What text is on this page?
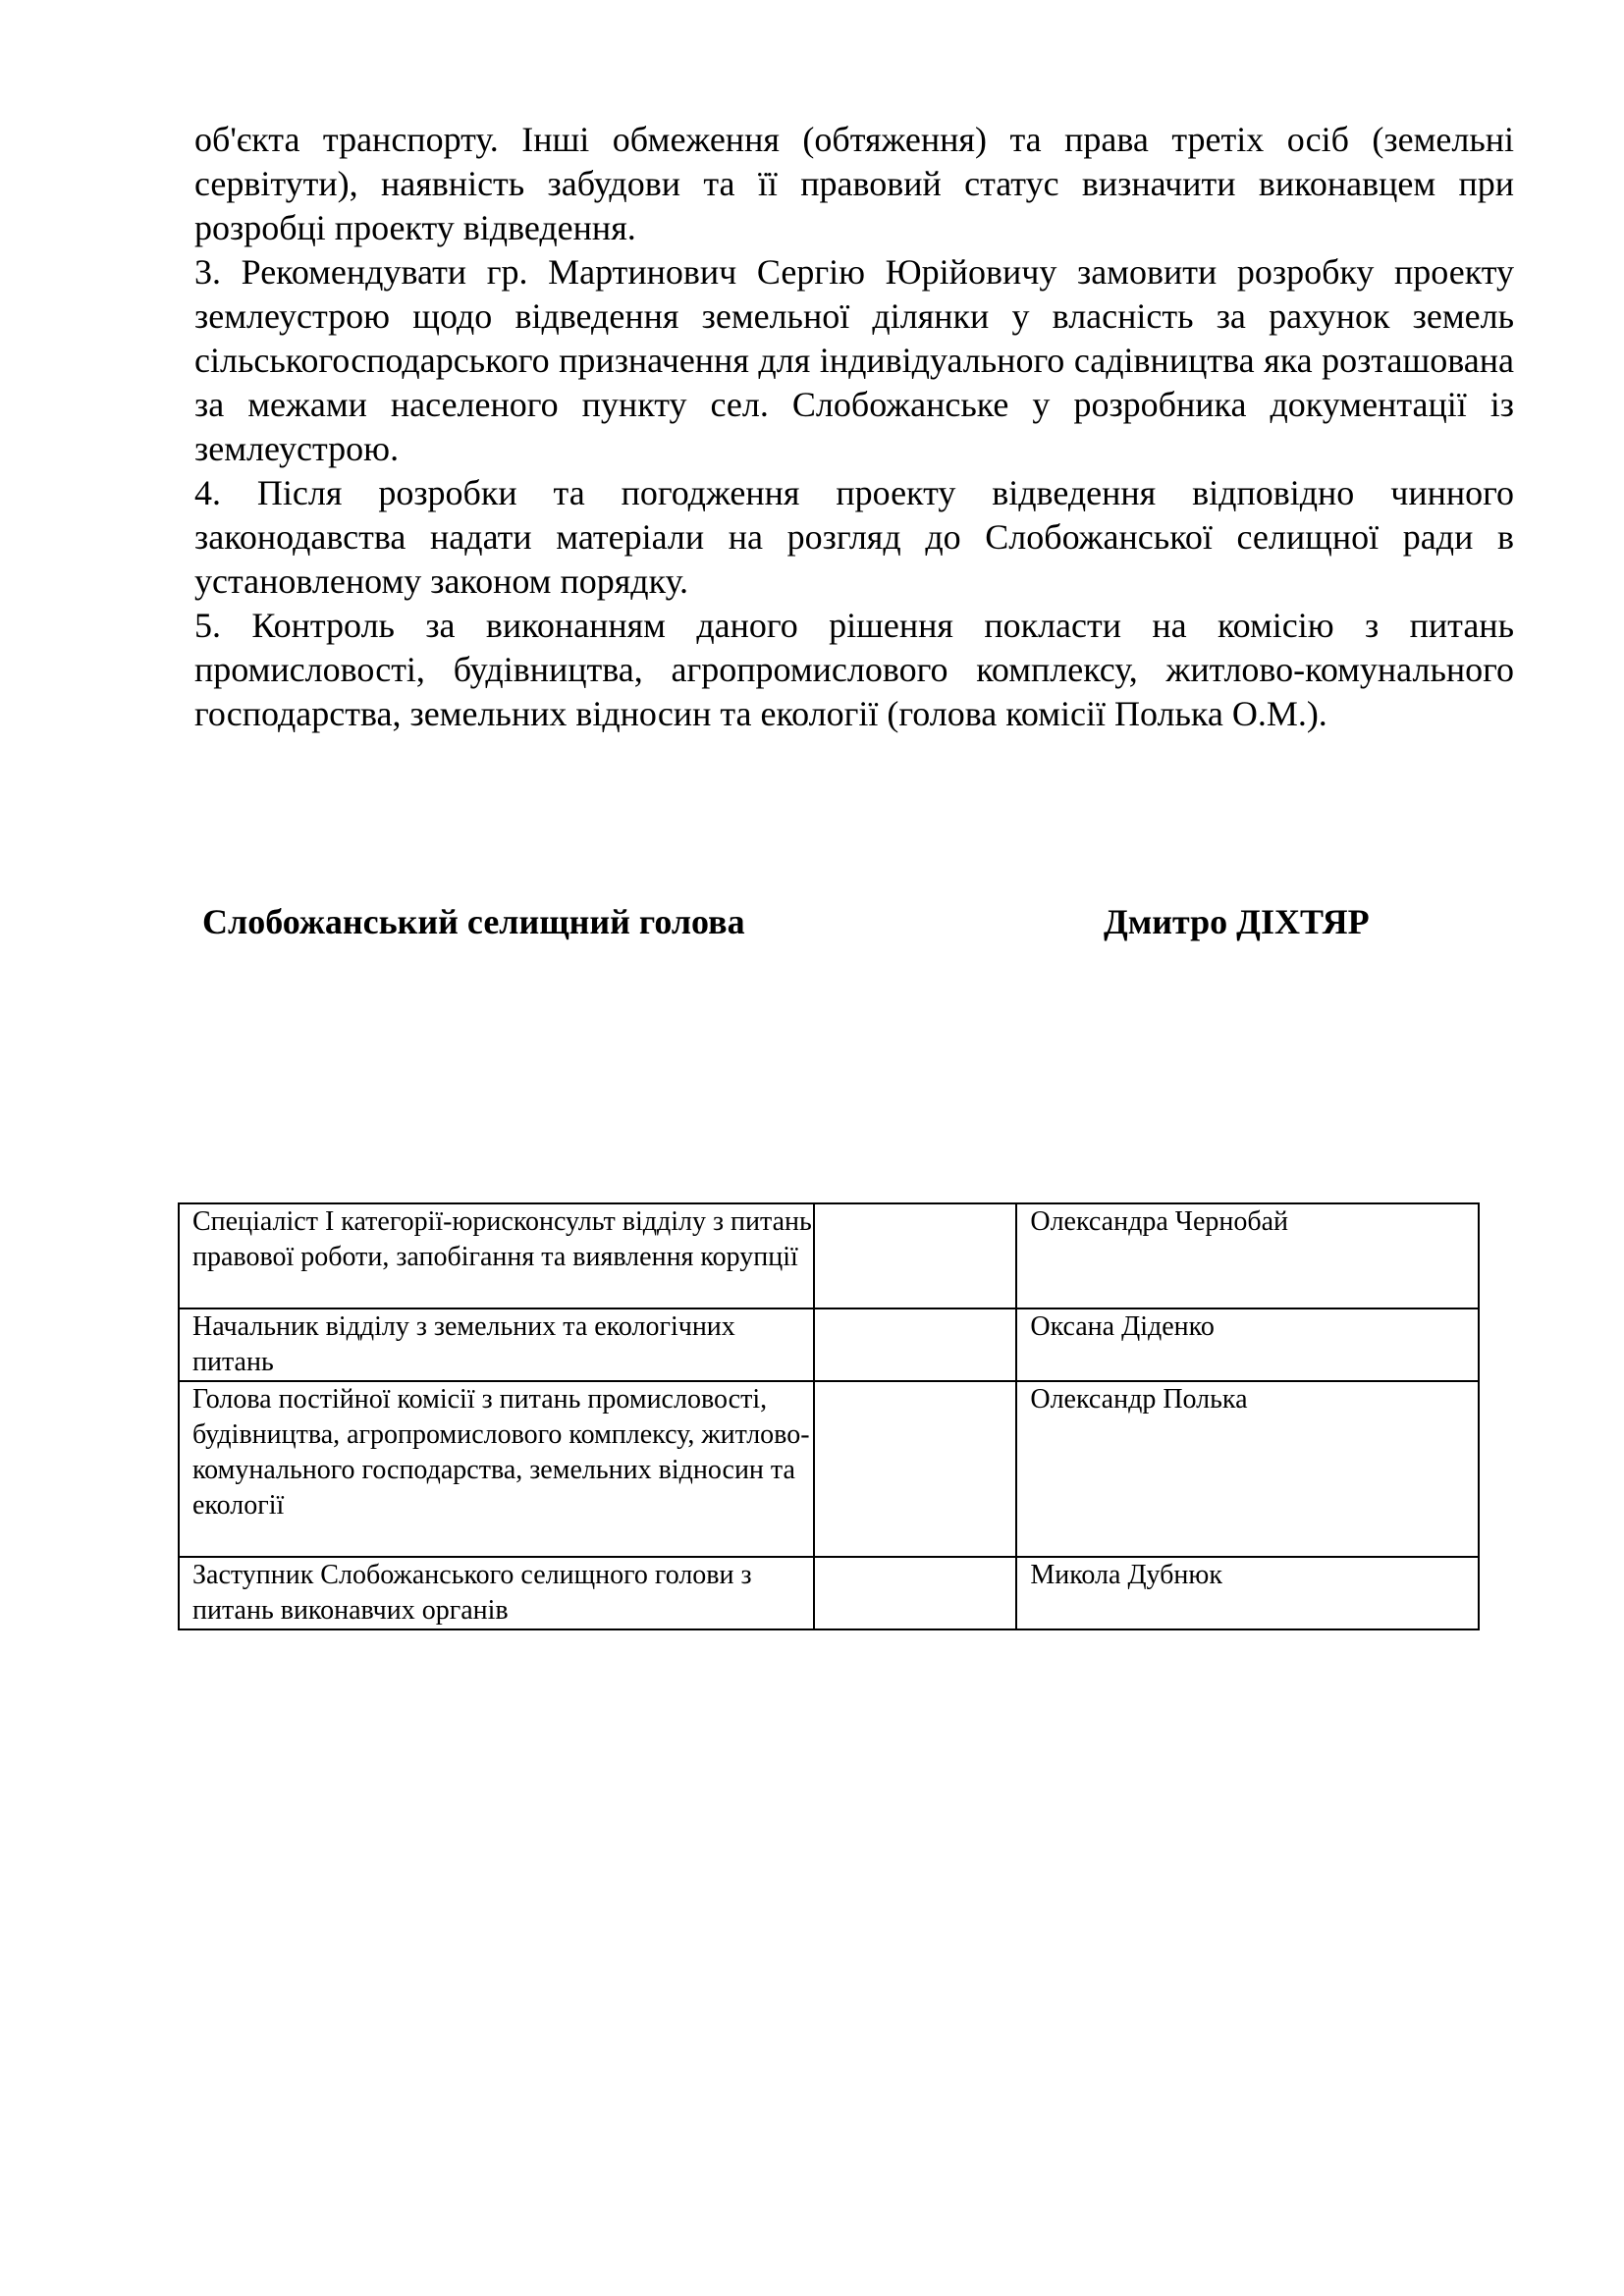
об'єкта транспорту. Інші обмеження (обтяження) та права третіх осіб (земельні сервітути), наявність забудови та її правовий статус визначити виконавцем при розробці проекту відведення.

3. Рекомендувати гр. Мартинович Сергію Юрійовичу замовити розробку проекту землеустрою щодо відведення земельної ділянки у власність за рахунок земель сільськогосподарського призначення для індивідуального садівництва яка розташована за межами населеного пункту сел. Слобожанське у розробника документації із землеустрою.

4. Після розробки та погодження проекту відведення відповідно чинного законодавства надати матеріали на розгляд до Слобожанської селищної ради в установленому законом порядку.

5. Контроль за виконанням даного рішення покласти на комісію з питань промисловості, будівництва, агропромислового комплексу, житлово-комунального господарства, земельних відносин та екології (голова комісії Полька О.М.).

Слобожанський селищний голова	Дмитро ДІХТЯР
Спеціаліст І категорії-юрисконсульт відділу з питань правової роботи, запобігання та виявлення корупції		Олександра Чернобай
Начальник відділу з земельних та екологічних питань		Оксана Діденко
Голова постійної комісії з питань промисловості, будівництва, агропромислового комплексу, житлово-комунального господарства, земельних відносин та екології		Олександр Полька
Заступник Слобожанського селищного голови з питань виконавчих органів		Микола Дубнюк
